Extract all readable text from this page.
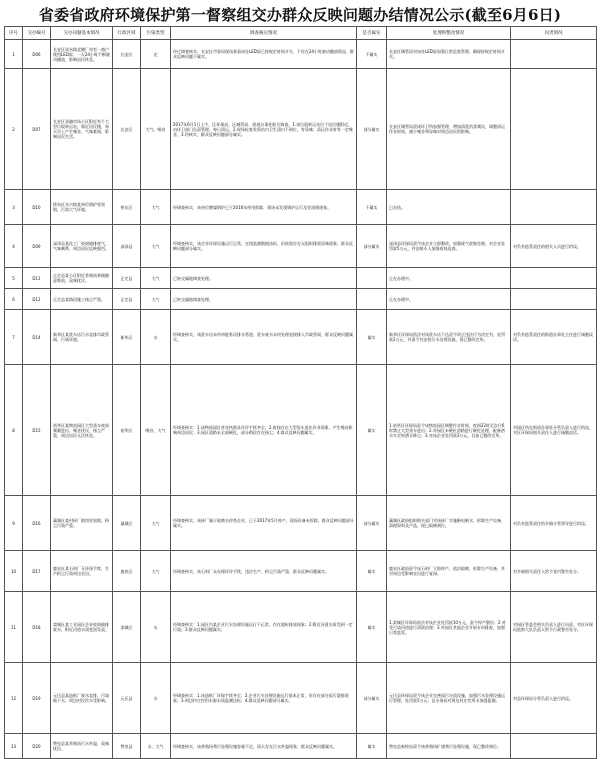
省委省政府环境保护第一督察组交办群众反映问题办结情况公示(截至6月6日)
序号	交办编号	交办问题基本情况	行政区域	污染类型	调查核实情况	是否属实	处理和整改情况	问责情况
1	D06	长安区周水路北侧厂房有一商户使用LED屏，一天24小时不断滚动播放，影响居民休息。	长安区	光	经过调查核实，长安区市容局现场查看该处LED屏已按规定时间开关，不存在24小时滚动播放情况，群众反映问题不属实。	不属实	长安区城管局对该处LED屏加强日常巡查管理，确保按规定时间开关。	
2	D07	长安区金融市场小区附近有个大型垃圾转运站，靠近居民楼，每天早上产生噪音，气味难闻，影响居民生活。	长安区	大气、噪音	2017年6月1日上午，区环保局、区城管局、街道办事处联合调查。1.该垃圾转运站位于居民楼附近，由环卫部门负责管理，每日清运。2.现场检查发现站内卫生清扫不到位，有异味；清运作业时有一定噪音。3.经核实，群众反映问题部分属实。	部分属实	长安区城管局责成环卫所加强管理，增加清洗消杀频次，调整清运作业时间，减少噪音和异味对周边居民的影响。	
3	D10	桥东区东兴路某单位锅炉冒黑烟，污染大气环境。	桥东区	大气	经调查核实，该单位燃煤锅炉已于2016年停用拆除，现场未发现锅炉运行及冒黑烟现象。	不属实	已办结。	
4	D09	深泽县某化工厂夜间偷排废气，气味刺鼻，周边居民反映强烈。	深泽县	大气	经调查核实，该企业环保设施运行正常，在线监测数据达标，但夜间存在无组织排放异味现象，群众反映问题部分属实。	部分属实	深泽县环保局责令该企业立即整改，加强废气收集处理，对企业处罚款5万元，并安排专人加强夜间巡查。	对负有监管责任的相关人员进行约谈。
5	D11	正定县某小区附近养殖场粪便随意堆放，臭味扰民。	正定县	大气	已转交属地调查处理。		正在办理中。	
6	D12	正定县某路段施工扬尘严重。	正定县	大气	已转交属地调查处理。		正在办理中。	
7	D14	新华区某洗车店污水直排市政管网，污染环境。	新华区	水	经调查核实，该洗车店未经审批私设排水管道，洗车废水未经处理直接排入市政管网，群众反映问题属实。	属实	新华区环保局依法对该洗车店下达责令改正违法行为决定书，处罚款2万元，并责令其安装污水处理设施，现已整改完毕。	对负有监管责任的街道办事处主任进行诫勉谈话。
8	D15	裕华区某物流园区大型货车夜间频繁进出，噪音扰民，扬尘严重，周边居民无法休息。	裕华区	噪音、大气	经调查核实：1.该物流园区营业执照及环评手续齐全；2.夜间存在大型货车进出作业现象，产生噪音影响周边居民；3.园区道路未全部硬化，部分路段存在扬尘；4.群众反映问题属实。	属实	1.裕华区环保局责令该物流园区调整作业时间，夜间22时至次日6时禁止大型货车进出；2.对园区未硬化道路进行硬化处理，配备洒水车定时洒水降尘；3.对该企业处罚款3万元。目前已整改完毕。	对园区所在街道办事处分管负责人进行约谈，对区环保局相关责任人进行诫勉谈话。
9	D16	藁城区某村砖厂烟囱冒黑烟，粉尘污染严重。	藁城区	大气	经调查核实，该砖厂属于取缔关停类企业，已于2017年5月停产，现场设备未拆除，群众反映问题部分属实。	部分属实	藁城区政府组织相关部门对该砖厂实施断电断水，拆除生产设备，清理原料及产品，现已取缔到位。	对负有监管责任的乡镇分管领导进行约谈。
10	D17	鹿泉区某石料厂无环保手续，生产粉尘污染周边农田。	鹿泉区	大气	经调查核实，该石料厂未办理环评手续，违法生产，粉尘污染严重，群众反映问题属实。	属实	鹿泉区政府责令该石料厂立即停产，依法取缔，拆除生产设备，并对周边受影响农田进行复绿。	对乡镇相关责任人给予党内警告处分。
11	D18	栾城区某工业园区企业夜间偷排废水，附近河道水质变黑发臭。	栾城区	水	经调查核实：1.园区内某企业污水处理设施运行不正常，存在超标排放现象；2.附近河道水质受到一定污染；3.群众反映问题属实。	属实	1.栾城区环保局依法对该企业处罚款10万元，责令停产整治；2.对受污染河道进行清淤治理；3.对园区其他企业开展专项排查，加强日常监管。	对园区管委会相关负责人进行问责，对区环保局监察大队负责人给予行政警告处分。
12	D19	元氏县某造纸厂废水直排，污染地下水，周边村民饮水受影响。	元氏县	水	经调查核实：1.该造纸厂环保手续齐全；2.企业污水处理设施运行基本正常，但存在部分雨污混排现象；3.周边村庄饮用水源水质监测达标；4.群众反映问题部分属实。	部分属实	元氏县环保局责令该企业完善雨污分流设施，加强污水处理设施运行管理，处罚款5万元；县水务局对周边村庄饮用水加强监测。	对县环保局分管负责人进行约谈。
13	D20	赞皇县某养殖场污水外溢，臭味扰民。	赞皇县	水、大气	经调查核实，该养殖场粪污处理设施容量不足，雨天存在污水外溢现象，群众反映问题属实。	属实	赞皇县畜牧局责令该养殖场扩建粪污处理设施，现已整改到位。	
